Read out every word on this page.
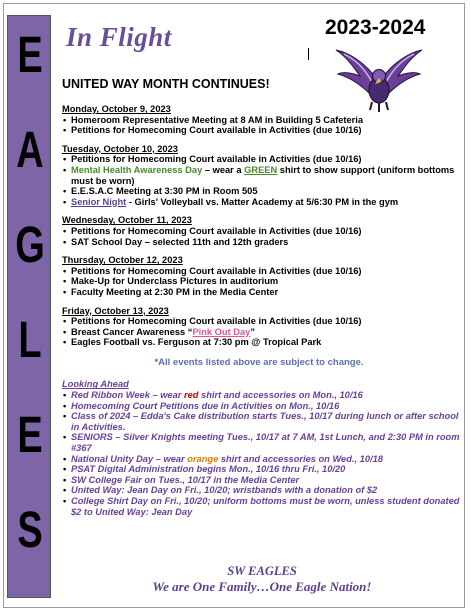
E
A
G
L
E
S
In Flight	2023-2024
UNITED WAY MONTH CONTINUES!
Monday, October 9, 2023
• Homeroom Representative Meeting at 8 AM in Building 5 Cafeteria
• Petitions for Homecoming Court available in Activities (due 10/16)
Tuesday, October 10, 2023
• Petitions for Homecoming Court available in Activities (due 10/16)
• Mental Health Awareness Day – wear a GREEN shirt to show support (uniform bottoms must be worn)
• E.E.S.A.C Meeting at 3:30 PM in Room 505
• Senior Night - Girls' Volleyball vs. Matter Academy at 5/6:30 PM in the gym
Wednesday, October 11, 2023
• Petitions for Homecoming Court available in Activities (due 10/16)
• SAT School Day – selected 11th and 12th graders
Thursday, October 12, 2023
• Petitions for Homecoming Court available in Activities (due 10/16)
• Make-Up for Underclass Pictures in auditorium
• Faculty Meeting at 2:30 PM in the Media Center
Friday, October 13, 2023
• Petitions for Homecoming Court available in Activities (due 10/16)
• Breast Cancer Awareness “Pink Out Day”
• Eagles Football vs. Ferguson at 7:30 pm @ Tropical Park
*All events listed above are subject to change.
Looking Ahead
• Red Ribbon Week – wear red shirt and accessories on Mon., 10/16
• Homecoming Court Petitions due in Activities on Mon., 10/16
• Class of 2024 – Edda's Cake distribution starts Tues., 10/17 during lunch or after school in Activities.
• SENIORS – Silver Knights meeting Tues., 10/17 at 7 AM, 1st Lunch, and 2:30 PM in room #367
• National Unity Day – wear orange shirt and accessories on Wed., 10/18
• PSAT Digital Administration begins Mon., 10/16 thru Fri., 10/20
• SW College Fair on Tues., 10/17 in the Media Center
• United Way: Jean Day on Fri., 10/20; wristbands with a donation of $2
• College Shirt Day on Fri., 10/20; uniform bottoms must be worn, unless student donated $2 to United Way: Jean Day
SW EAGLES
We are One Family…One Eagle Nation!
